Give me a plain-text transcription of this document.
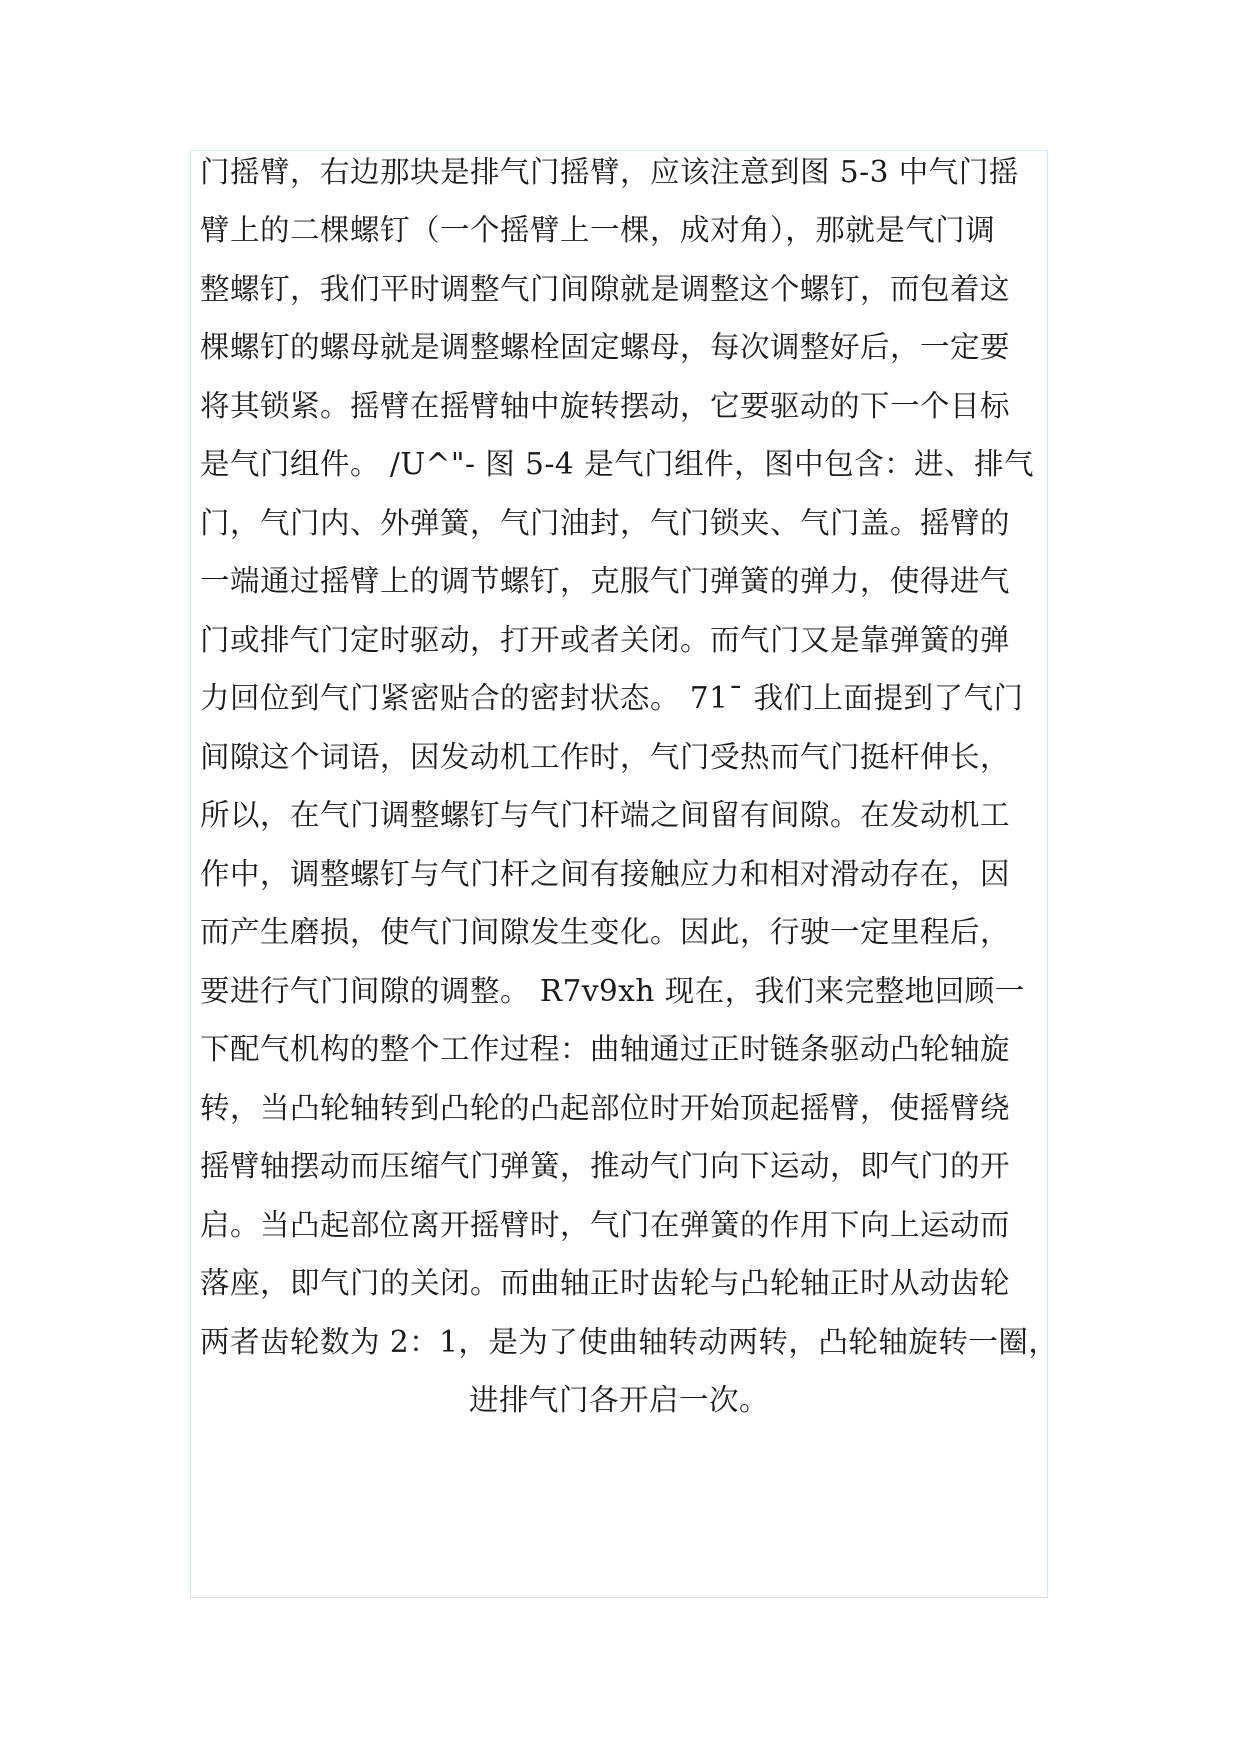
门摇臂，右边那块是排气门摇臂，应该注意到图 5-3 中气门摇
臂上的二棵螺钉（一个摇臂上一棵，成对角），那就是气门调
整螺钉，我们平时调整气门间隙就是调整这个螺钉，而包着这
棵螺钉的螺母就是调整螺栓固定螺母，每次调整好后，一定要
将其锁紧。摇臂在摇臂轴中旋转摆动，它要驱动的下一个目标
是气门组件。 /U^"- 图 5-4 是气门组件，图中包含：进、排气
门，气门内、外弹簧，气门油封，气门锁夹、气门盖。摇臂的
一端通过摇臂上的调节螺钉，克服气门弹簧的弹力，使得进气
门或排气门定时驱动，打开或者关闭。而气门又是靠弹簧的弹
力回位到气门紧密贴合的密封状态。 71¯ 我们上面提到了气门
间隙这个词语，因发动机工作时，气门受热而气门挺杆伸长，
所以，在气门调整螺钉与气门杆端之间留有间隙。在发动机工
作中，调整螺钉与气门杆之间有接触应力和相对滑动存在，因
而产生磨损，使气门间隙发生变化。因此，行驶一定里程后，
要进行气门间隙的调整。 R7v9xh 现在，我们来完整地回顾一
下配气机构的整个工作过程：曲轴通过正时链条驱动凸轮轴旋
转，当凸轮轴转到凸轮的凸起部位时开始顶起摇臂，使摇臂绕
摇臂轴摆动而压缩气门弹簧，推动气门向下运动，即气门的开
启。当凸起部位离开摇臂时，气门在弹簧的作用下向上运动而
落座，即气门的关闭。而曲轴正时齿轮与凸轮轴正时从动齿轮
两者齿轮数为 2：1，是为了使曲轴转动两转，凸轮轴旋转一圈，
进排气门各开启一次。
